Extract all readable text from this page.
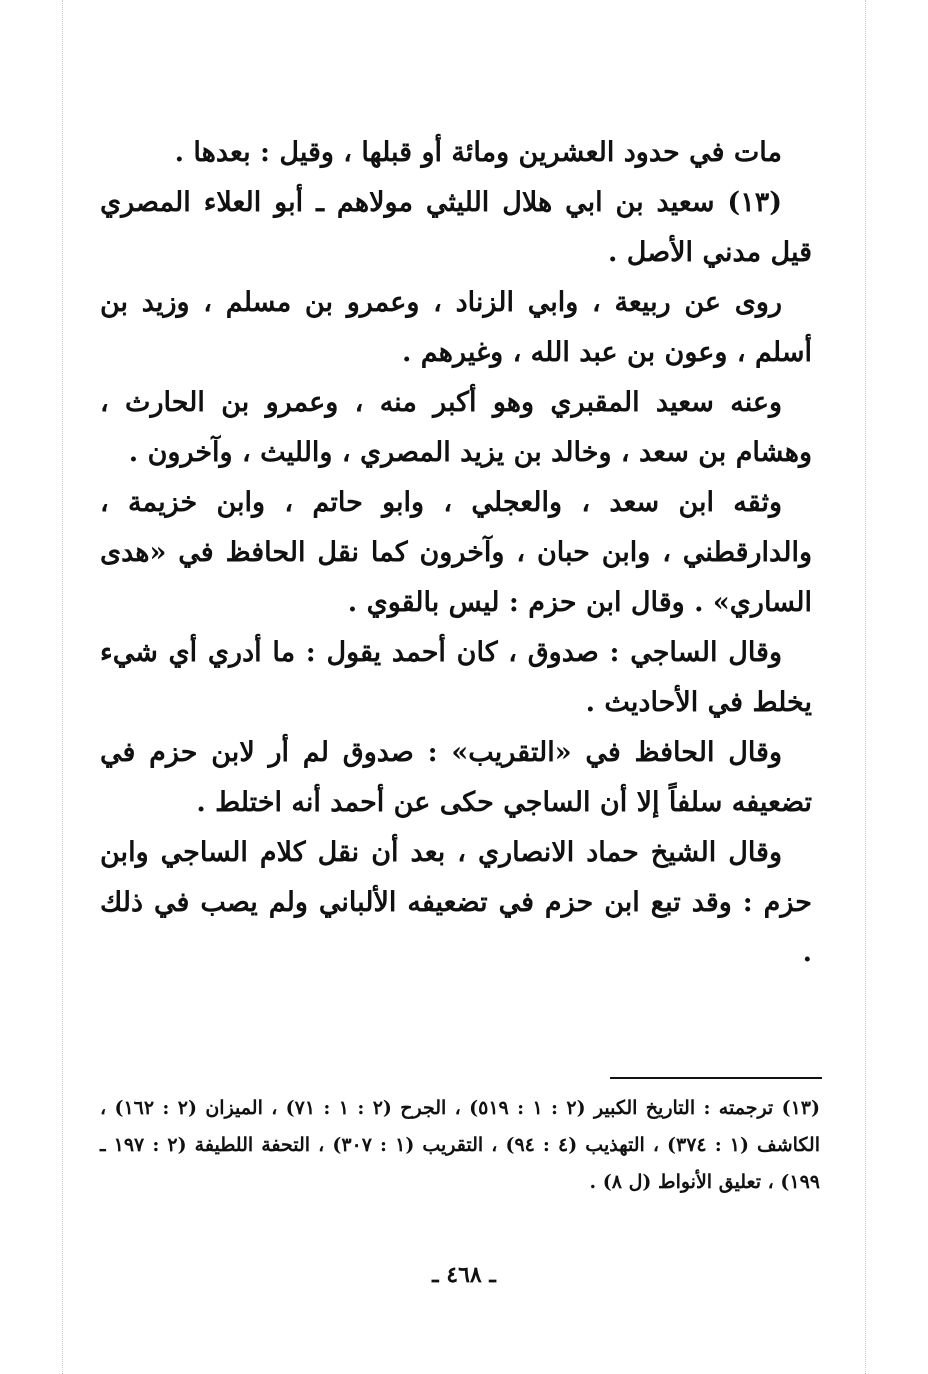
مات في حدود العشرين ومائة أو قبلها ، وقيل : بعدها .

(١٣) سعيد بن ابي هلال الليثي مولاهم ـ أبو العلاء المصري قيل مدني الأصل .

روى عن ربيعة ، وابي الزناد ، وعمرو بن مسلم ، وزيد بن أسلم ، وعون بن عبد الله ، وغيرهم .

وعنه سعيد المقبري وهو أكبر منه ، وعمرو بن الحارث ، وهشام بن سعد ، وخالد بن يزيد المصري ، والليث ، وآخرون .

وثقه ابن سعد ، والعجلي ، وابو حاتم ، وابن خزيمة ، والدارقطني ، وابن حبان ، وآخرون كما نقل الحافظ في «هدى الساري» . وقال ابن حزم : ليس بالقوي .

وقال الساجي : صدوق ، كان أحمد يقول : ما أدري أي شيء يخلط في الأحاديث .

وقال الحافظ في «التقريب» : صدوق لم أر لابن حزم في تضعيفه سلفاً إلا أن الساجي حكى عن أحمد أنه اختلط .

وقال الشيخ حماد الانصاري ، بعد أن نقل كلام الساجي وابن حزم : وقد تبع ابن حزم في تضعيفه الألباني ولم يصب في ذلك .

(١٣) ترجمته : التاريخ الكبير (٢ : ١ : ٥١٩) ، الجرح (٢ : ١ : ٧١) ، الميزان (٢ : ١٦٢) ، الكاشف (١ : ٣٧٤) ، التهذيب (٤ : ٩٤) ، التقريب (١ : ٣٠٧) ، التحفة اللطيفة (٢ : ١٩٧ ـ ١٩٩) ، تعليق الأنواط (ل ٨) .
ـ ٤٦٨ ـ
